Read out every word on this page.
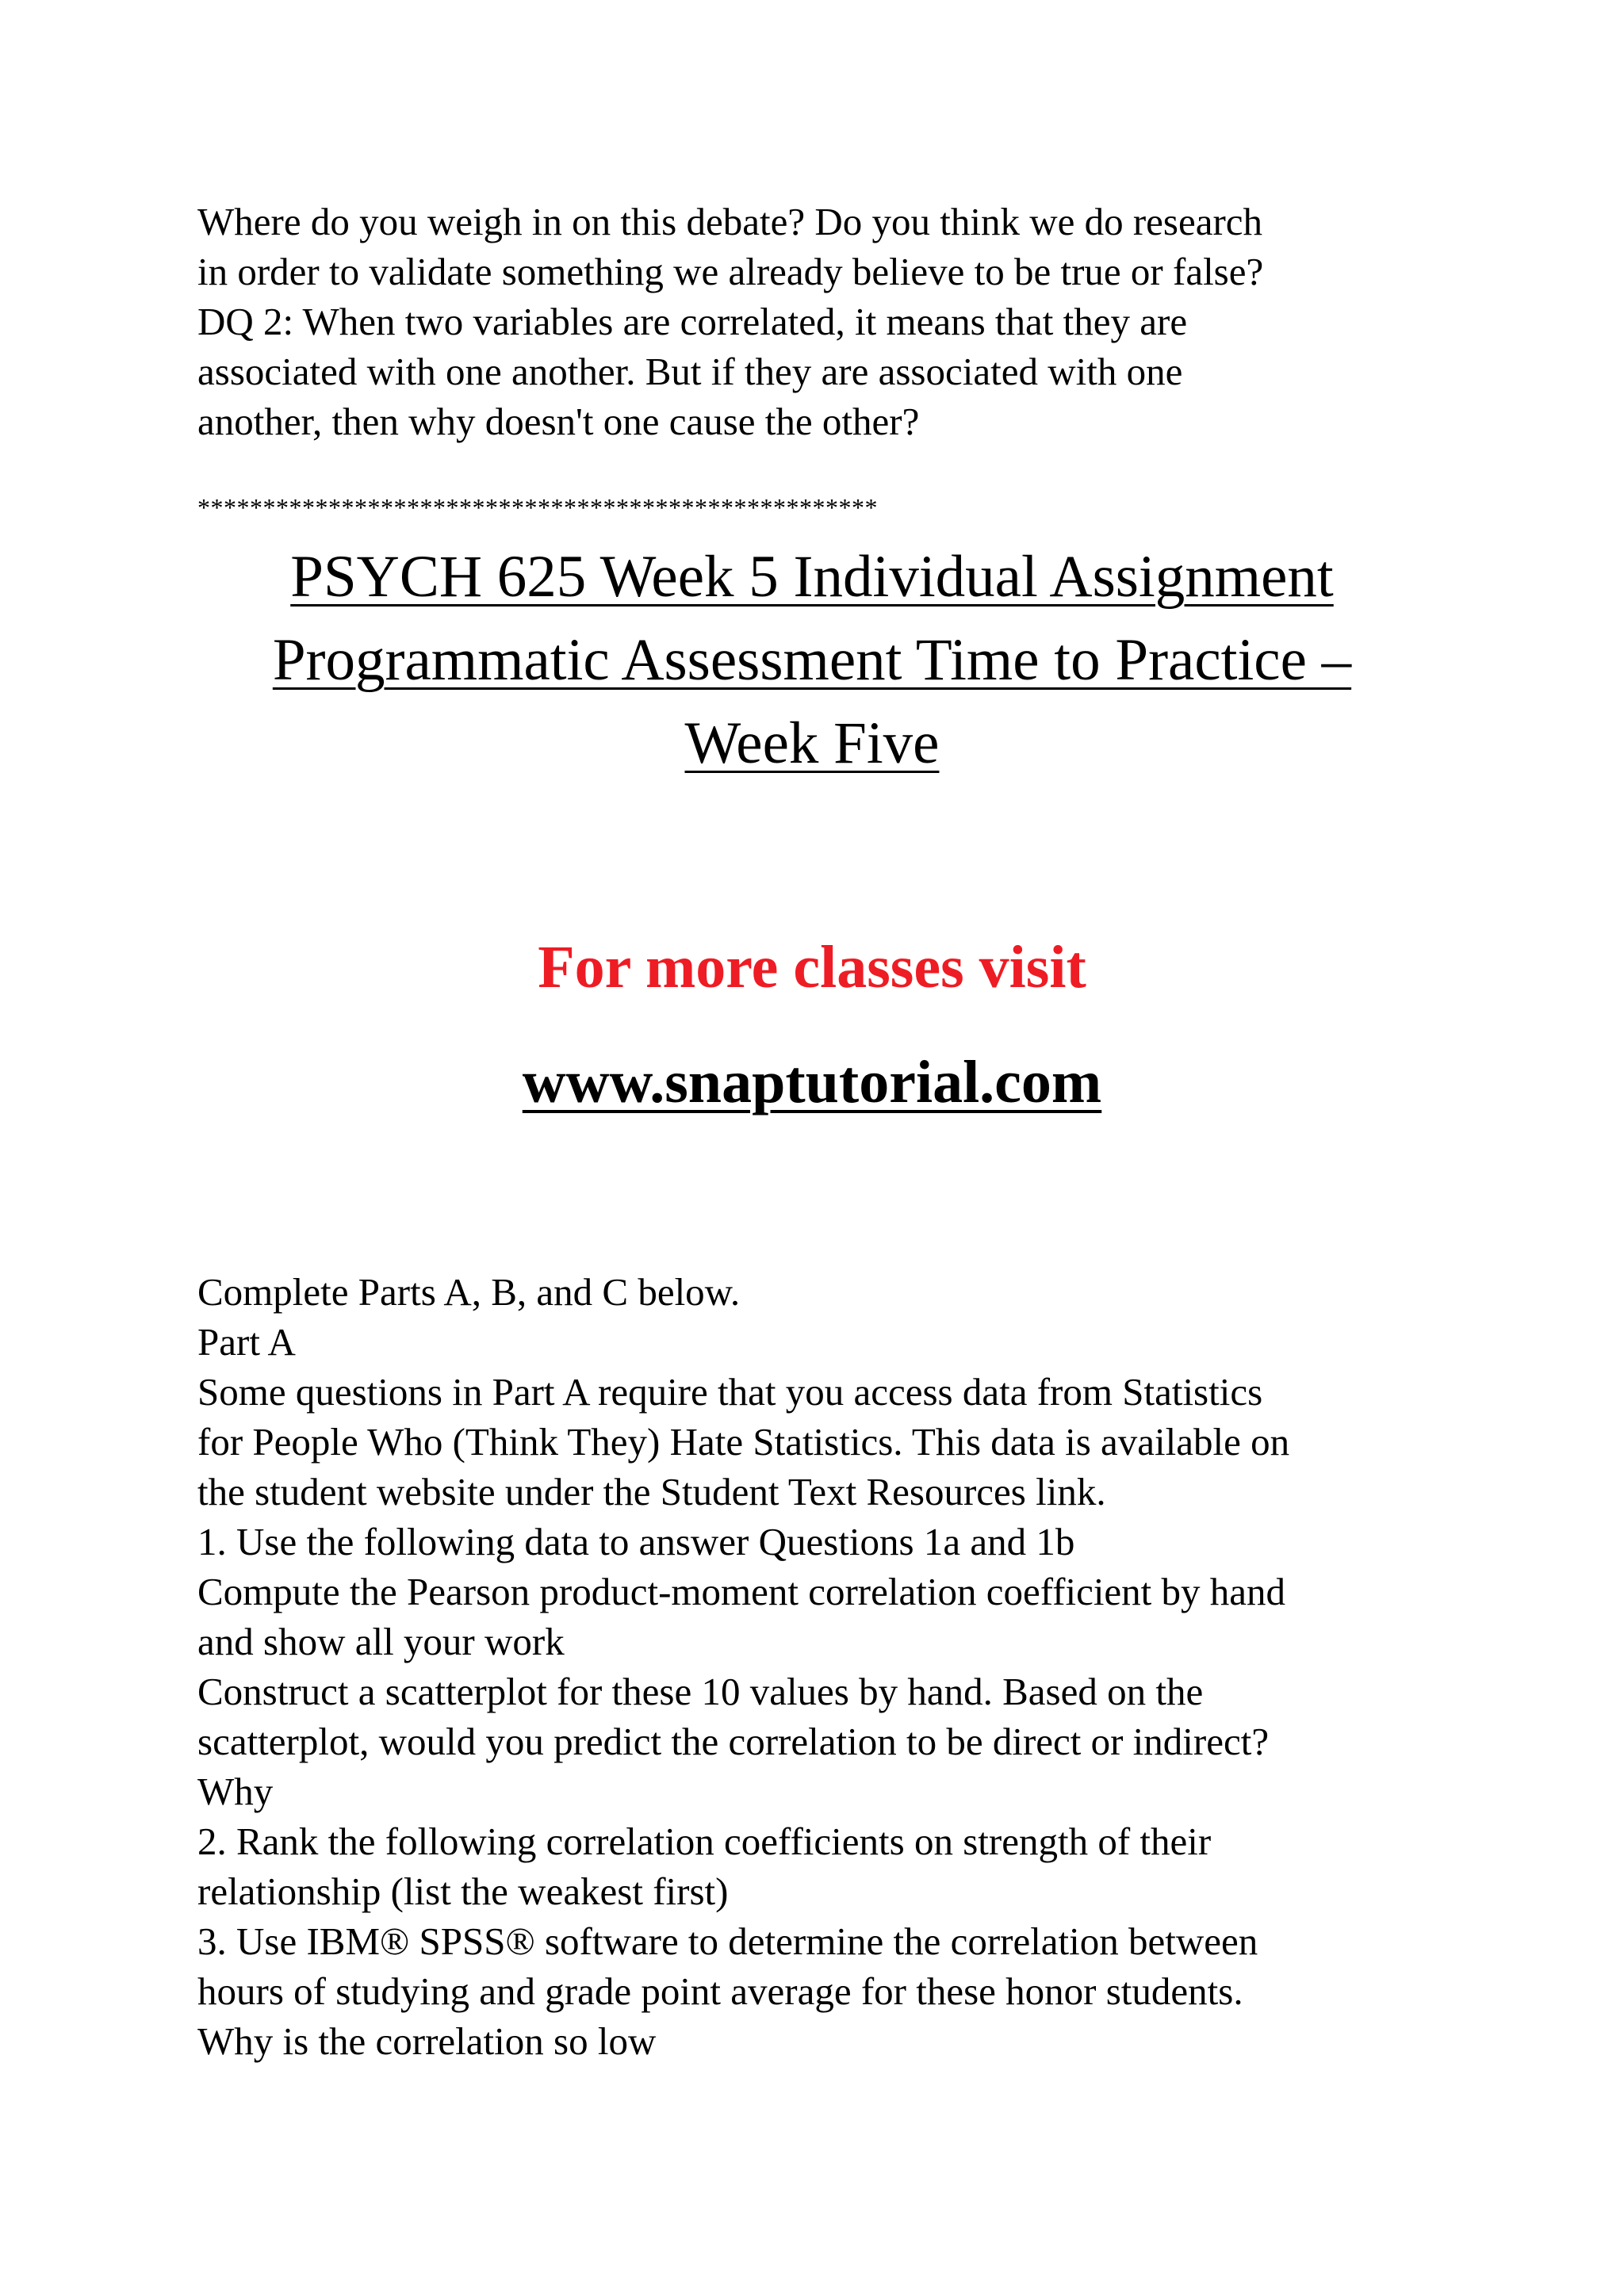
Where do you weigh in on this debate? Do you think we do research
in order to validate something we already believe to be true or false?
DQ 2: When two variables are correlated, it means that they are
associated with one another. But if they are associated with one
another, then why doesn't one cause the other?
****************************************************
PSYCH 625 Week 5 Individual Assignment
Programmatic Assessment Time to Practice –
Week Five
For more classes visit
www.snaptutorial.com
Complete Parts A, B, and C below.
Part A
Some questions in Part A require that you access data from Statistics
for People Who (Think They) Hate Statistics. This data is available on
the student website under the Student Text Resources link.
1. Use the following data to answer Questions 1a and 1b
Compute the Pearson product-moment correlation coefficient by hand
and show all your work
Construct a scatterplot for these 10 values by hand. Based on the
scatterplot, would you predict the correlation to be direct or indirect?
Why
2. Rank the following correlation coefficients on strength of their
relationship (list the weakest first)
3. Use IBM® SPSS® software to determine the correlation between
hours of studying and grade point average for these honor students.
Why is the correlation so low
